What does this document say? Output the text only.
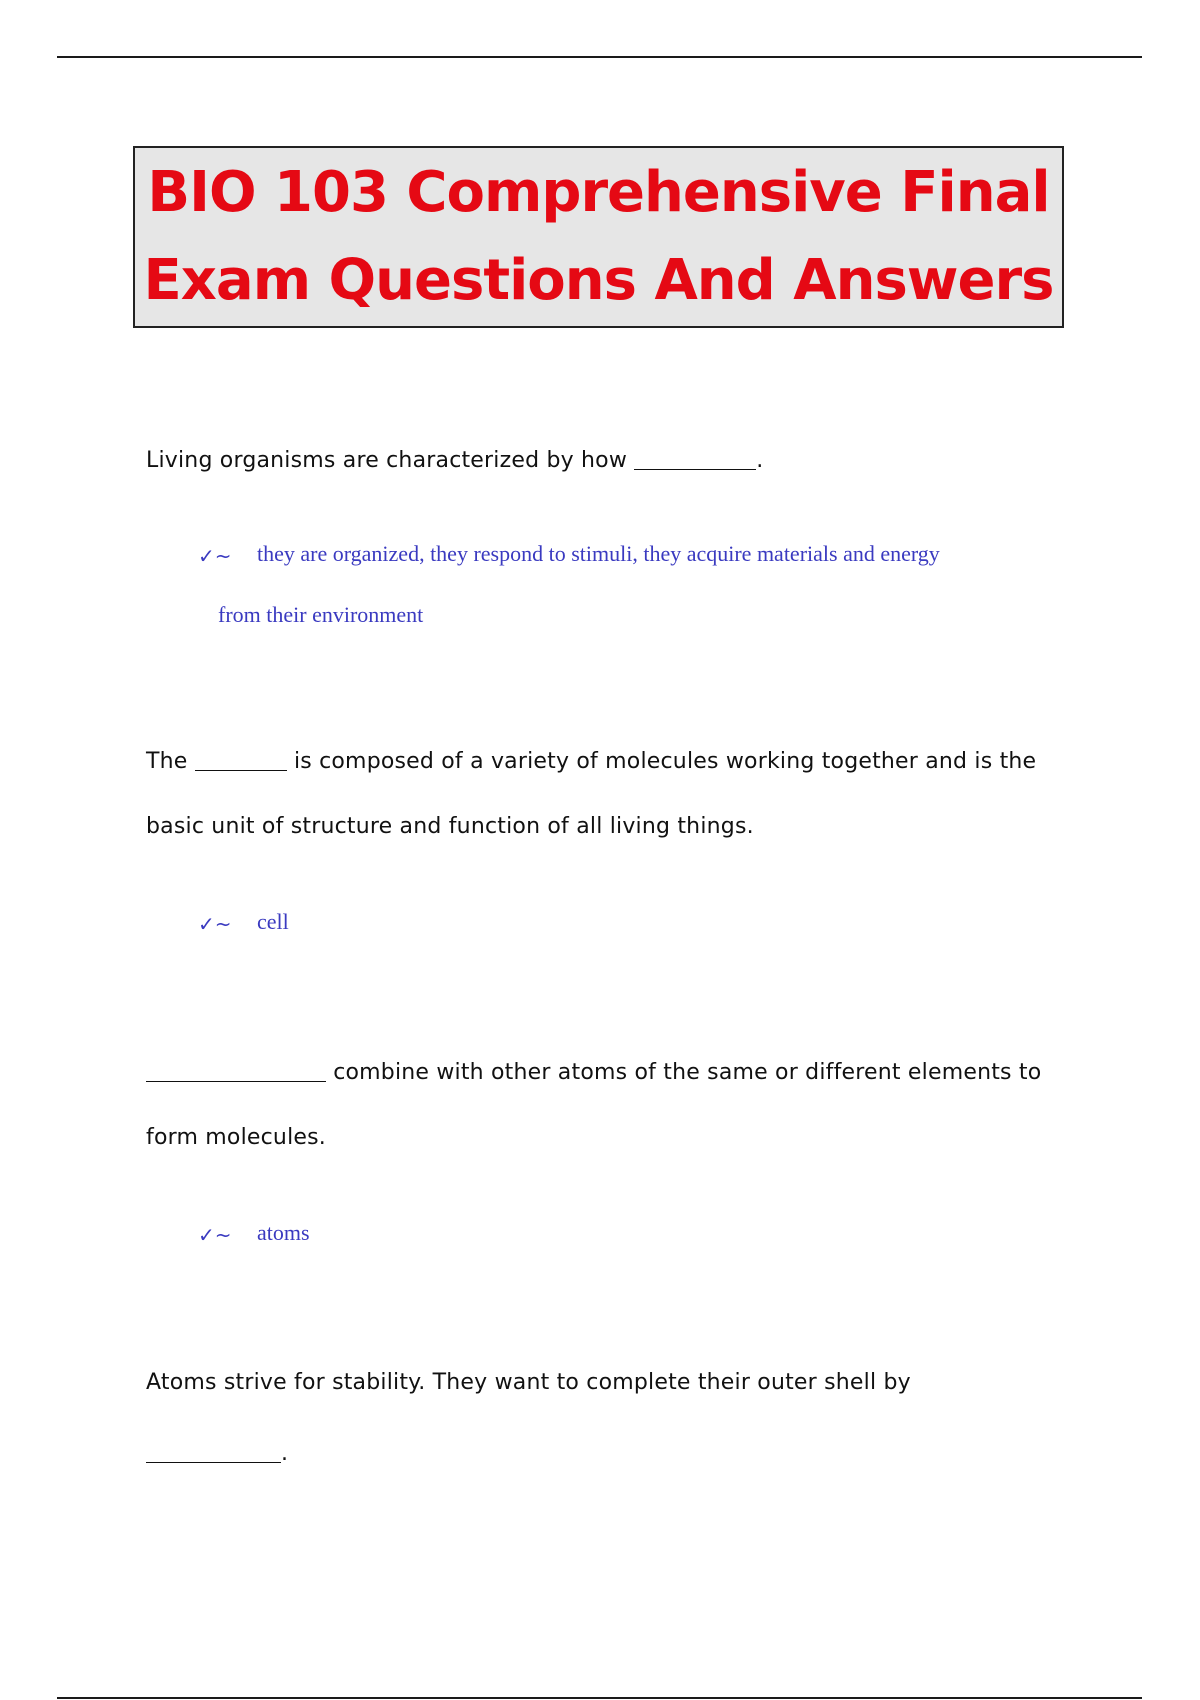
BIO 103 Comprehensive Final
Exam Questions And Answers
Living organisms are characterized by how	.
✓~ they are organized, they respond to stimuli, they acquire materials and energy
from their environment
The	is composed of a variety of molecules working together and is the
basic unit of structure and function of all living things.
✓~ cell
combine with other atoms of the same or different elements to
form molecules.
✓~ atoms
Atoms strive for stability. They want to complete their outer shell by
.
